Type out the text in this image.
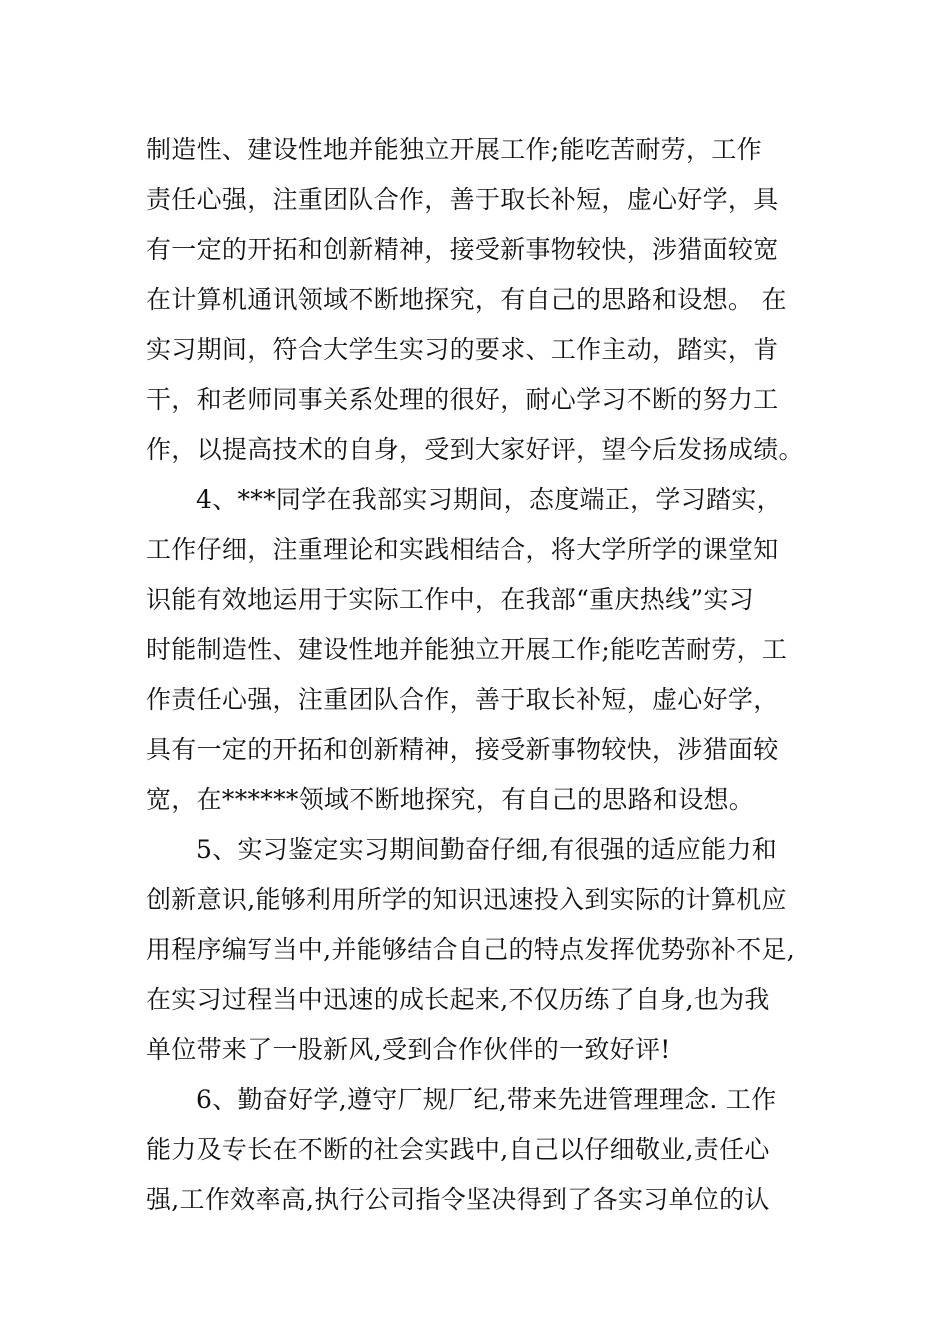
制造性、建设性地并能独立开展工作;能吃苦耐劳，工作
责任心强，注重团队合作，善于取长补短，虚心好学，具
有一定的开拓和创新精神，接受新事物较快，涉猎面较宽
在计算机通讯领域不断地探究，有自己的思路和设想。 在
实习期间，符合大学生实习的要求、工作主动，踏实，肯
干，和老师同事关系处理的很好，耐心学习不断的努力工
作，以提高技术的自身，受到大家好评，望今后发扬成绩。
4、***同学在我部实习期间，态度端正，学习踏实，
工作仔细，注重理论和实践相结合，将大学所学的课堂知
识能有效地运用于实际工作中，在我部“重庆热线”实习
时能制造性、建设性地并能独立开展工作;能吃苦耐劳，工
作责任心强，注重团队合作，善于取长补短，虚心好学，
具有一定的开拓和创新精神，接受新事物较快，涉猎面较
宽，在******领域不断地探究，有自己的思路和设想。
5、实习鉴定实习期间勤奋仔细,有很强的适应能力和
创新意识,能够利用所学的知识迅速投入到实际的计算机应
用程序编写当中,并能够结合自己的特点发挥优势弥补不足,
在实习过程当中迅速的成长起来,不仅历练了自身,也为我
单位带来了一股新风,受到合作伙伴的一致好评!
6、勤奋好学,遵守厂规厂纪,带来先进管理理念. 工作
能力及专长在不断的社会实践中,自己以仔细敬业,责任心
强,工作效率高,执行公司指令坚决得到了各实习单位的认
